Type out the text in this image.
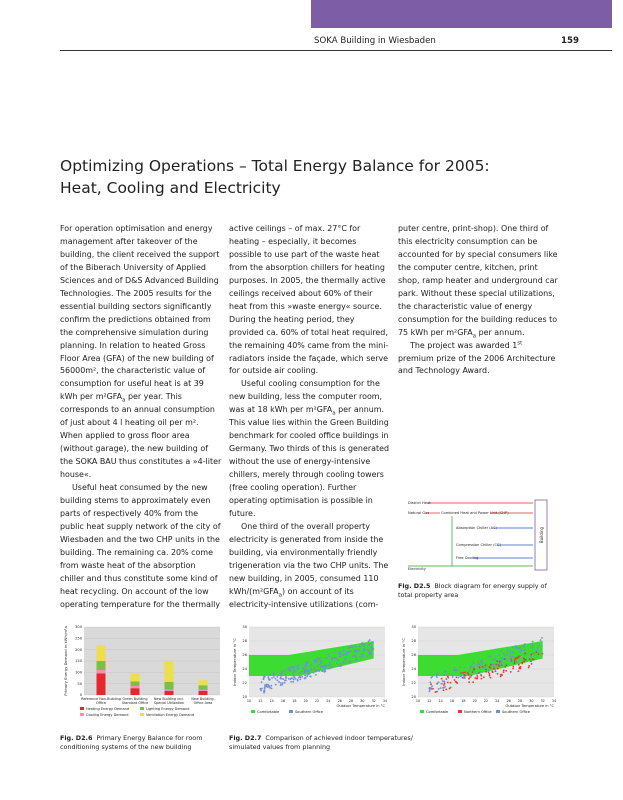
SOKA Building in Wiesbaden	159
Optimizing Operations – Total Energy Balance for 2005:
Heat, Cooling and Electricity

For operation optimisation and energy management after takeover of the building, the client received the support of the Biberach University of Applied Sciences and of D&S Advanced Building Technologies. The 2005 results for the essential building sectors significantly confirm the predictions obtained from the comprehensive simulation during planning. In relation to heated Gross Floor Area (GFA) of the new building of 56000m², the characteristic value of consumption for useful heat is at 39 kWh per $m^2GFA_a$ per year. This corresponds to an annual consumption of just about 4 l heating oil per m². When applied to gross floor area (without garage), the new building of the SOKA BAU thus constitutes a »4-liter house«.

Useful heat consumed by the new building stems to approximately even parts of respectively 40% from the public heat supply network of the city of Wiesbaden and the two CHP units in the building. The remaining ca. 20% come from waste heat of the absorption chiller and thus constitute some kind of heat recycling. On account of the low operating temperature for the thermally

active ceilings – of max. 27°C for heating – especially, it becomes possible to use part of the waste heat from the absorption chillers for heating purposes. In 2005, the thermally active ceilings received about 60% of their heat from this »waste energy« source. During the heating period, they provided ca. 60% of total heat required, the remaining 40% came from the mini-radiators inside the façade, which serve for outside air cooling.

Useful cooling consumption for the new building, less the computer room, was at 18 kWh per $m^2GFA_a$ per annum. This value lies within the Green Building benchmark for cooled office buildings in Germany. Two thirds of this is generated without the use of energy-intensive chillers, merely through cooling towers (free cooling operation). Further operating optimisation is possible in future.

One third of the overall property electricity is generated from inside the building, via environmentally friendly trigeneration via the two CHP units. The new building, in 2005, consumed 110 kWh/$(m^2GFA_a)$ on account of its electricity-intensive utilizations (com-

puter centre, print-shop). One third of this electricity consumption can be accounted for by special consumers like the computer centre, kitchen, print shop, ramp heater and underground car park. Without these special utilizations, the characteristic value of energy consumption for the building reduces to 75 kWh per $m^2GFA_a$ per annum.

The project was awarded 1st premium prize of the 2006 Architecture and Technology Award.

District Heat
Natural Gas	Combined Heat and Power Unit (CHP)
Absorption Chiller (AC)
Compression Chiller (CC)
Free Cooling
Electricity
Building
Fig. D2.5 Block diagram for energy supply of total property area
0
50
100
150
200
250
300
Primary Energy Demand in kWh/m²a
Reference Non-Building
Office
Green Building
Standard Office
New Building incl.
Special Utilization
New Building,
Office Area
Heating Energy Demand	Lighting Energy Demand
Cooling Energy Demand	Ventilation Energy Demand
Fig. D2.6 Primary Energy Balance for room conditioning systems of the new building
20
22
24
26
28
30
10 12 14 16 18 20 22 24 26 28 30 32 34
Indoor Temperature in °C
Outdoor Temperature in °C
Comfortable	Southern Office
20
22
24
26
28
30
10 12 14 16 18 20 22 24 26 28 30 32 34
Indoor Temperature in °C
Outdoor Temperature in °C
Comfortable	Northern Office	Southern Office
Fig. D2.7 Comparison of achieved indoor temperatures/ simulated values from planning
